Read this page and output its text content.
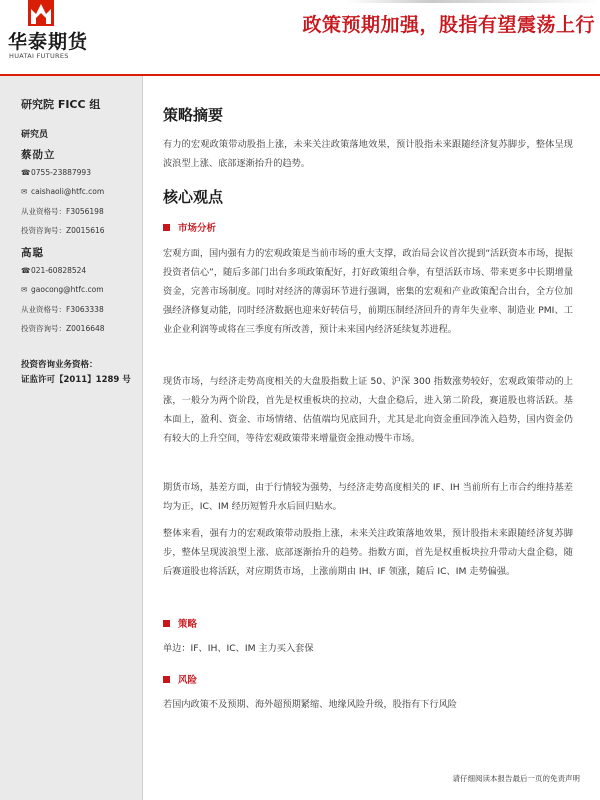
华泰期货
HUATAI FUTURES
政策预期加强，股指有望震荡上行
研究院 FICC 组
研究员
蔡劭立
☎ 0755-23887993
✉ caishaoli@htfc.com
从业资格号：F3056198
投资咨询号：Z0015616
高聪
☎ 021-60828524
✉ gaocong@htfc.com
从业资格号：F3063338
投资咨询号：Z0016648
投资咨询业务资格：
证监许可【2011】1289 号
策略摘要
有力的宏观政策带动股指上涨，未来关注政策落地效果，预计股指未来跟随经济复苏脚步，整体呈现波浪型上涨、底部逐渐抬升的趋势。
核心观点
市场分析
宏观方面，国内强有力的宏观政策是当前市场的重大支撑，政治局会议首次提到“活跃资本市场，提振投资者信心”，随后多部门出台多项政策配好，打好政策组合拳，有望活跃市场、带来更多中长期增量资金，完善市场制度。同时对经济的薄弱环节进行强调，密集的宏观和产业政策配合出台，全方位加强经济修复动能，同时经济数据也迎来好转信号，前期压制经济回升的青年失业率、制造业 PMI、工业企业利润等或将在三季度有所改善，预计未来国内经济延续复苏进程。
现货市场，与经济走势高度相关的大盘股指数上证 50、沪深 300 指数涨势较好，宏观政策带动的上涨，一般分为两个阶段，首先是权重板块的拉动，大盘企稳后，进入第二阶段，赛道股也将活跃。基本面上，盈利、资金、市场情绪、估值端均见底回升，尤其是北向资金重回净流入趋势，国内资金仍有较大的上升空间，等待宏观政策带来增量资金推动慢牛市场。
期货市场，基差方面，由于行情较为强势，与经济走势高度相关的 IF、IH 当前所有上市合约维持基差均为正，IC、IM 经历短暂升水后回归贴水。
整体来看，强有力的宏观政策带动股指上涨，未来关注政策落地效果，预计股指未来跟随经济复苏脚步，整体呈现波浪型上涨、底部逐渐抬升的趋势。指数方面，首先是权重板块拉升带动大盘企稳，随后赛道股也将活跃，对应期货市场，上涨前期由 IH、IF 领涨，随后 IC、IM 走势偏强。
策略
单边：IF、IH、IC、IM 主力买入套保
风险
若国内政策不及预期、海外超预期紧缩、地缘风险升级，股指有下行风险
请仔细阅读本报告最后一页的免责声明
